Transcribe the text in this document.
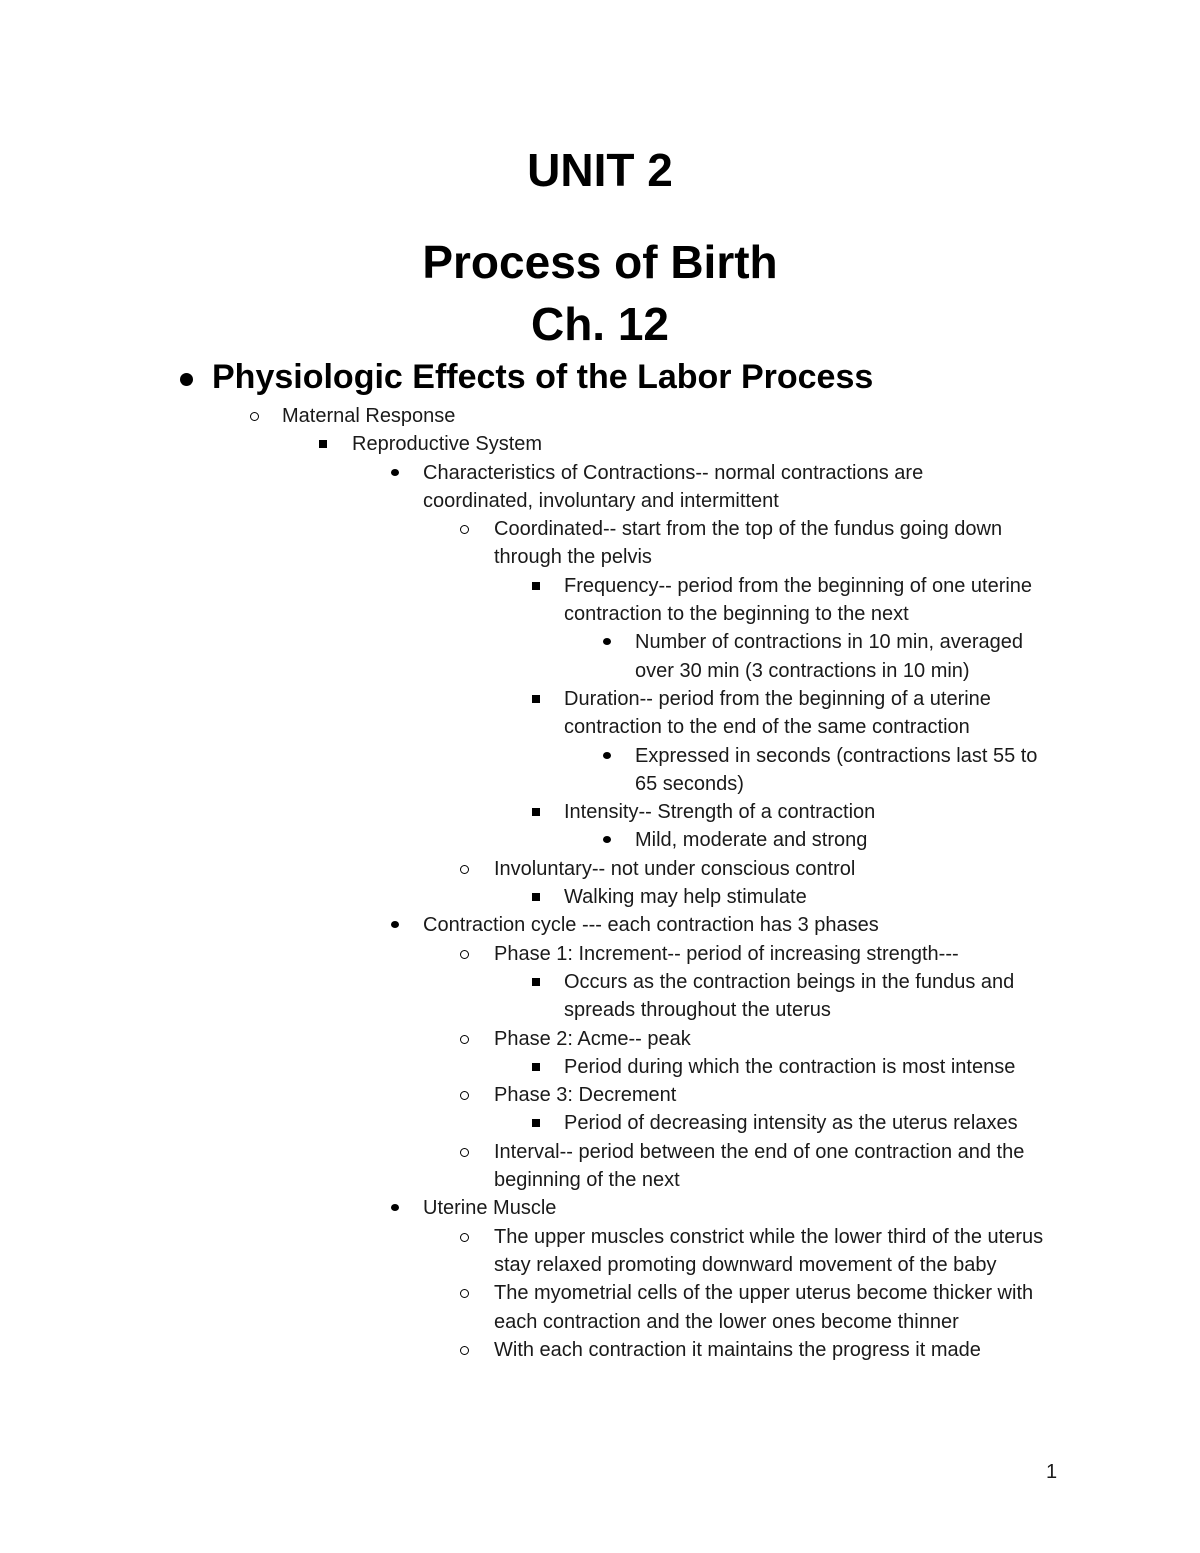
UNIT 2
Process of Birth
Ch. 12
Physiologic Effects of the Labor Process
Maternal Response
Reproductive System
Characteristics of Contractions-- normal contractions are coordinated, involuntary and intermittent
Coordinated-- start from the top of the fundus going down through the pelvis
Frequency-- period from the beginning of one uterine contraction to the beginning to the next
Number of contractions in 10 min, averaged over 30 min (3 contractions in 10 min)
Duration-- period from the beginning of a uterine contraction to the end of the same contraction
Expressed in seconds (contractions last 55 to 65 seconds)
Intensity-- Strength of a contraction
Mild, moderate and strong
Involuntary-- not under conscious control
Walking may help stimulate
Contraction cycle --- each contraction has 3 phases
Phase 1: Increment-- period of increasing strength---
Occurs as the contraction beings in the fundus and spreads throughout the uterus
Phase 2: Acme-- peak
Period during which the contraction is most intense
Phase 3: Decrement
Period of decreasing intensity as the uterus relaxes
Interval-- period between the end of one contraction and the beginning of the next
Uterine Muscle
The upper muscles constrict while the lower third of the uterus stay relaxed promoting downward movement of the baby
The myometrial cells of the upper uterus become thicker with each contraction and the lower ones become thinner
With each contraction it maintains the progress it made
1
